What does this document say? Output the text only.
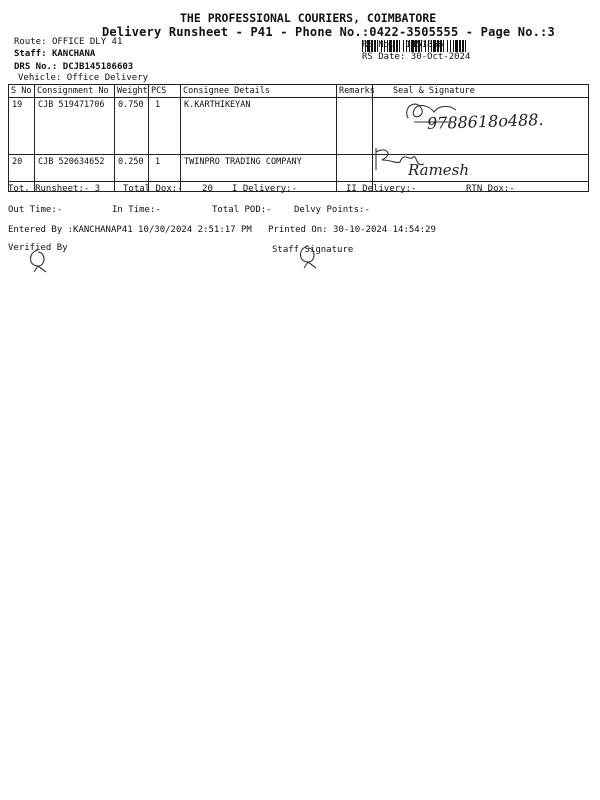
THE PROFESSIONAL COURIERS, COIMBATORE
Delivery Runsheet - P41 - Phone No.:0422-3505555 - Page No.:3
Route: OFFICE DLY 41
Staff: KANCHANA
DRS No.: DCJB145186603
Vehicle: Office Delivery
RS No.: 1451866
RS Date: 30-Oct-2024
S No	Consignment No	Weight	PCS	Consignee Details	Remarks	Seal & Signature
19	CJB 519471706	0.750	1	K.KARTHIKEYAN		
20	CJB 520634652	0.250	1	TWINPRO TRADING COMPANY		
9788618o488.
Ramesh
Tot. Runsheet:- 3	Total Dox:- 20 I Delivery:-	II Delivery:-	RTN Dox:-
Out Time:-	In Time:-	Total POD:- Delvy Points:-
Entered By :KANCHANAP41 10/30/2024 2:51:17 PM Printed On: 30-10-2024 14:54:29
Verified By	Staff Signature
